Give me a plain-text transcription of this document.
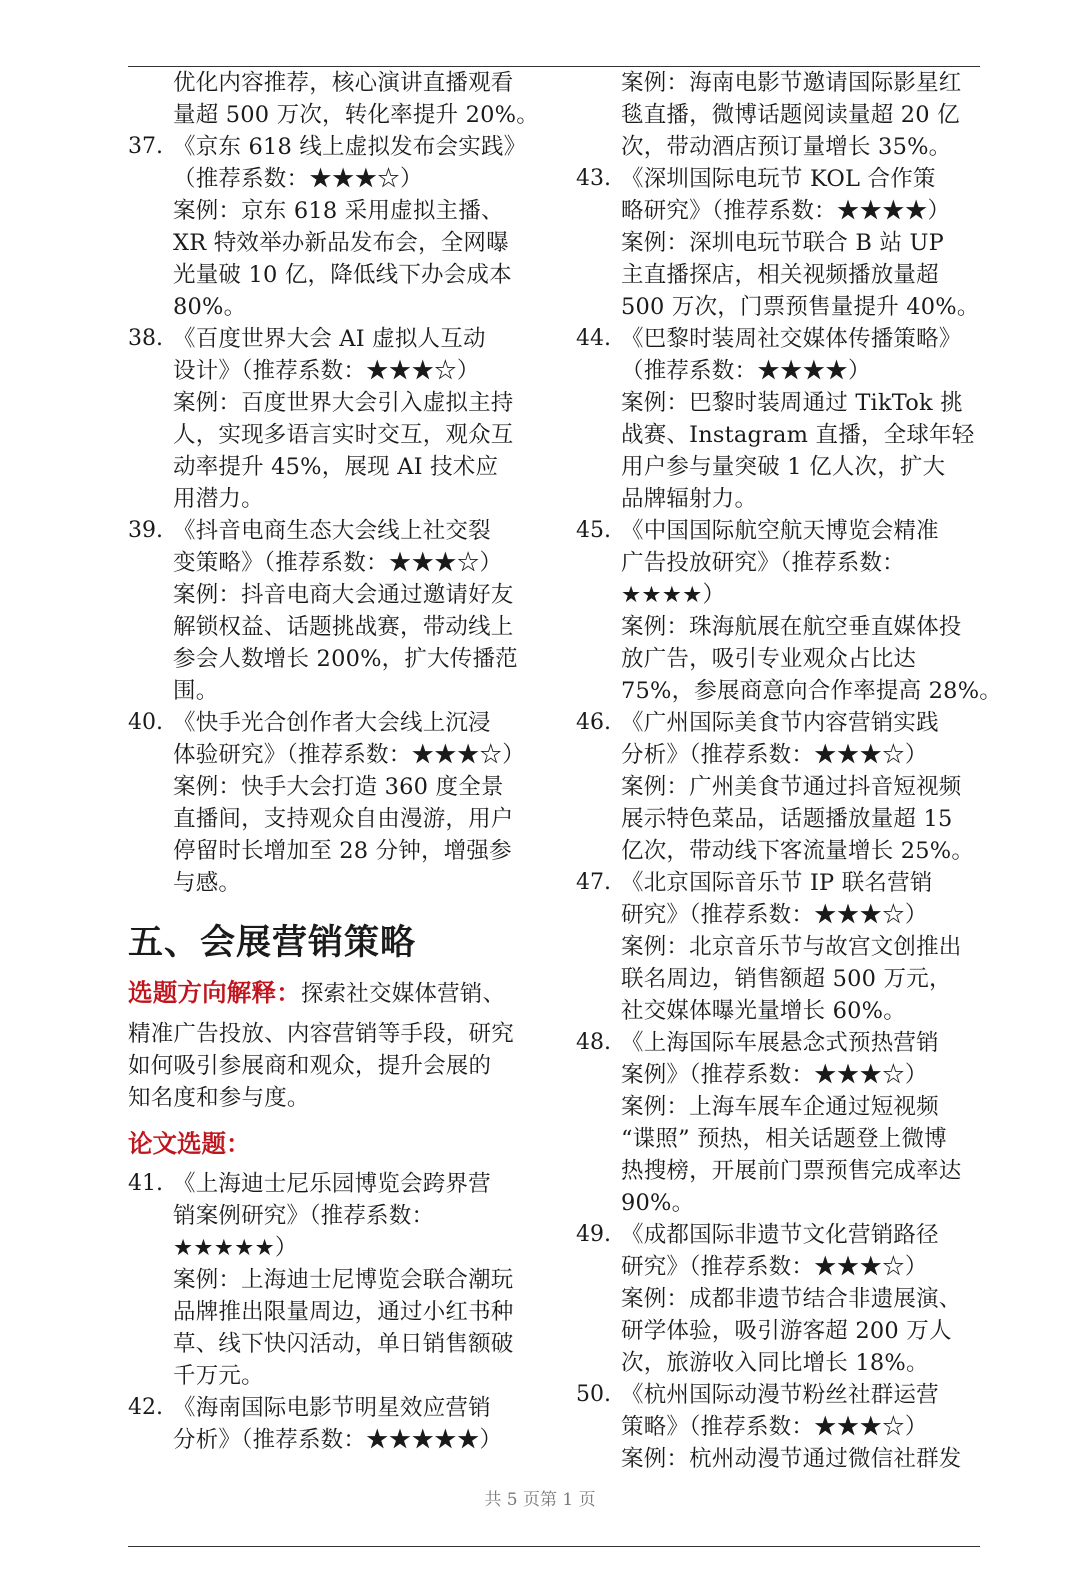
优化内容推荐，核心演讲直播观看
量超 500 万次，转化率提升 20%。
37. 《京东 618 线上虚拟发布会实践》
（推荐系数：★★★☆）
案例：京东 618 采用虚拟主播、
XR 特效举办新品发布会，全网曝
光量破 10 亿，降低线下办会成本
80%。
38. 《百度世界大会 AI 虚拟人互动
设计》（推荐系数：★★★☆）
案例：百度世界大会引入虚拟主持
人，实现多语言实时交互，观众互
动率提升 45%，展现 AI 技术应
用潜力。
39. 《抖音电商生态大会线上社交裂
变策略》（推荐系数：★★★☆）
案例：抖音电商大会通过邀请好友
解锁权益、话题挑战赛，带动线上
参会人数增长 200%，扩大传播范
围。
40. 《快手光合创作者大会线上沉浸
体验研究》（推荐系数：★★★☆）
案例：快手大会打造 360 度全景
直播间，支持观众自由漫游，用户
停留时长增加至 28 分钟，增强参
与感。
五、会展营销策略
选题方向解释：探索社交媒体营销、
精准广告投放、内容营销等手段，研究
如何吸引参展商和观众，提升会展的
知名度和参与度。
论文选题：
41. 《上海迪士尼乐园博览会跨界营
销案例研究》（推荐系数：
★★★★★）
案例：上海迪士尼博览会联合潮玩
品牌推出限量周边，通过小红书种
草、线下快闪活动，单日销售额破
千万元。
42. 《海南国际电影节明星效应营销
分析》（推荐系数：★★★★★）
案例：海南电影节邀请国际影星红
毯直播，微博话题阅读量超 20 亿
次，带动酒店预订量增长 35%。
43. 《深圳国际电玩节 KOL 合作策
略研究》（推荐系数：★★★★）
案例：深圳电玩节联合 B 站 UP
主直播探店，相关视频播放量超
500 万次，门票预售量提升 40%。
44. 《巴黎时装周社交媒体传播策略》
（推荐系数：★★★★）
案例：巴黎时装周通过 TikTok 挑
战赛、Instagram 直播，全球年轻
用户参与量突破 1 亿人次，扩大
品牌辐射力。
45. 《中国国际航空航天博览会精准
广告投放研究》（推荐系数：
★★★★）
案例：珠海航展在航空垂直媒体投
放广告，吸引专业观众占比达
75%，参展商意向合作率提高 28%。
46. 《广州国际美食节内容营销实践
分析》（推荐系数：★★★☆）
案例：广州美食节通过抖音短视频
展示特色菜品，话题播放量超 15
亿次，带动线下客流量增长 25%。
47. 《北京国际音乐节 IP 联名营销
研究》（推荐系数：★★★☆）
案例：北京音乐节与故宫文创推出
联名周边，销售额超 500 万元，
社交媒体曝光量增长 60%。
48. 《上海国际车展悬念式预热营销
案例》（推荐系数：★★★☆）
案例：上海车展车企通过短视频
“谍照” 预热，相关话题登上微博
热搜榜，开展前门票预售完成率达
90%。
49. 《成都国际非遗节文化营销路径
研究》（推荐系数：★★★☆）
案例：成都非遗节结合非遗展演、
研学体验，吸引游客超 200 万人
次，旅游收入同比增长 18%。
50. 《杭州国际动漫节粉丝社群运营
策略》（推荐系数：★★★☆）
案例：杭州动漫节通过微信社群发
共 5 页第 1 页
